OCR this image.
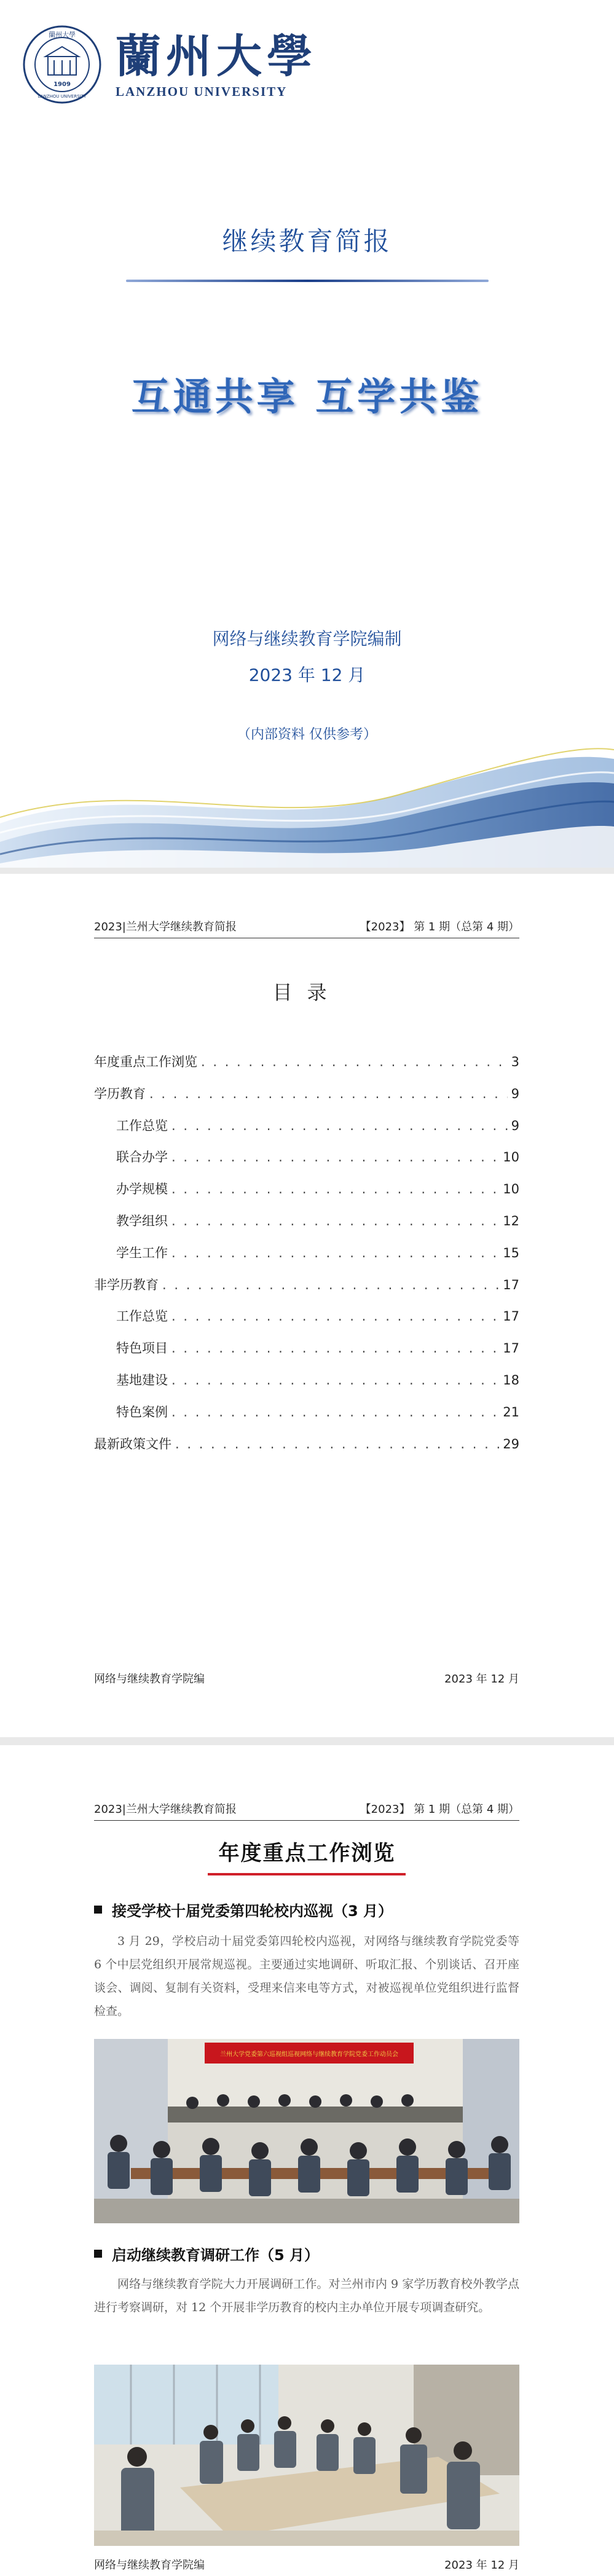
蘭州大學
LANZHOU UNIVERSITY
1909
蘭州大學
LANZHOU UNIVERSITY
继续教育简报
互通共享 互学共鉴
网络与继续教育学院编制
2023 年 12 月
（内部资料 仅供参考）
2023|兰州大学继续教育简报	【2023】 第 1 期（总第 4 期）
目录
年度重点工作浏览 . . .	3
学历教育 . . .	9
工作总览 . . .	9
联合办学 . . .	10
办学规模 . . .	10
教学组织 . . .	12
学生工作 . . .	15
非学历教育 . . .	17
工作总览 . . .	17
特色项目 . . .	17
基地建设 . . .	18
特色案例 . . .	21
最新政策文件 . . .	29
网络与继续教育学院编	2023 年 12 月
2023|兰州大学继续教育简报	【2023】 第 1 期（总第 4 期）
年度重点工作浏览
接受学校十届党委第四轮校内巡视（3 月）
3 月 29，学校启动十届党委第四轮校内巡视，对网络与继续教育学院党委等 6 个中层党组织开展常规巡视。主要通过实地调研、听取汇报、个别谈话、召开座谈会、调阅、复制有关资料，受理来信来电等方式，对被巡视单位党组织进行监督检查。
兰州大学党委第六巡视组巡视网络与继续教育学院党委工作动员会
启动继续教育调研工作（5 月）
网络与继续教育学院大力开展调研工作。对兰州市内 9 家学历教育校外教学点进行考察调研，对 12 个开展非学历教育的校内主办单位开展专项调查研究。
网络与继续教育学院编	2023 年 12 月
